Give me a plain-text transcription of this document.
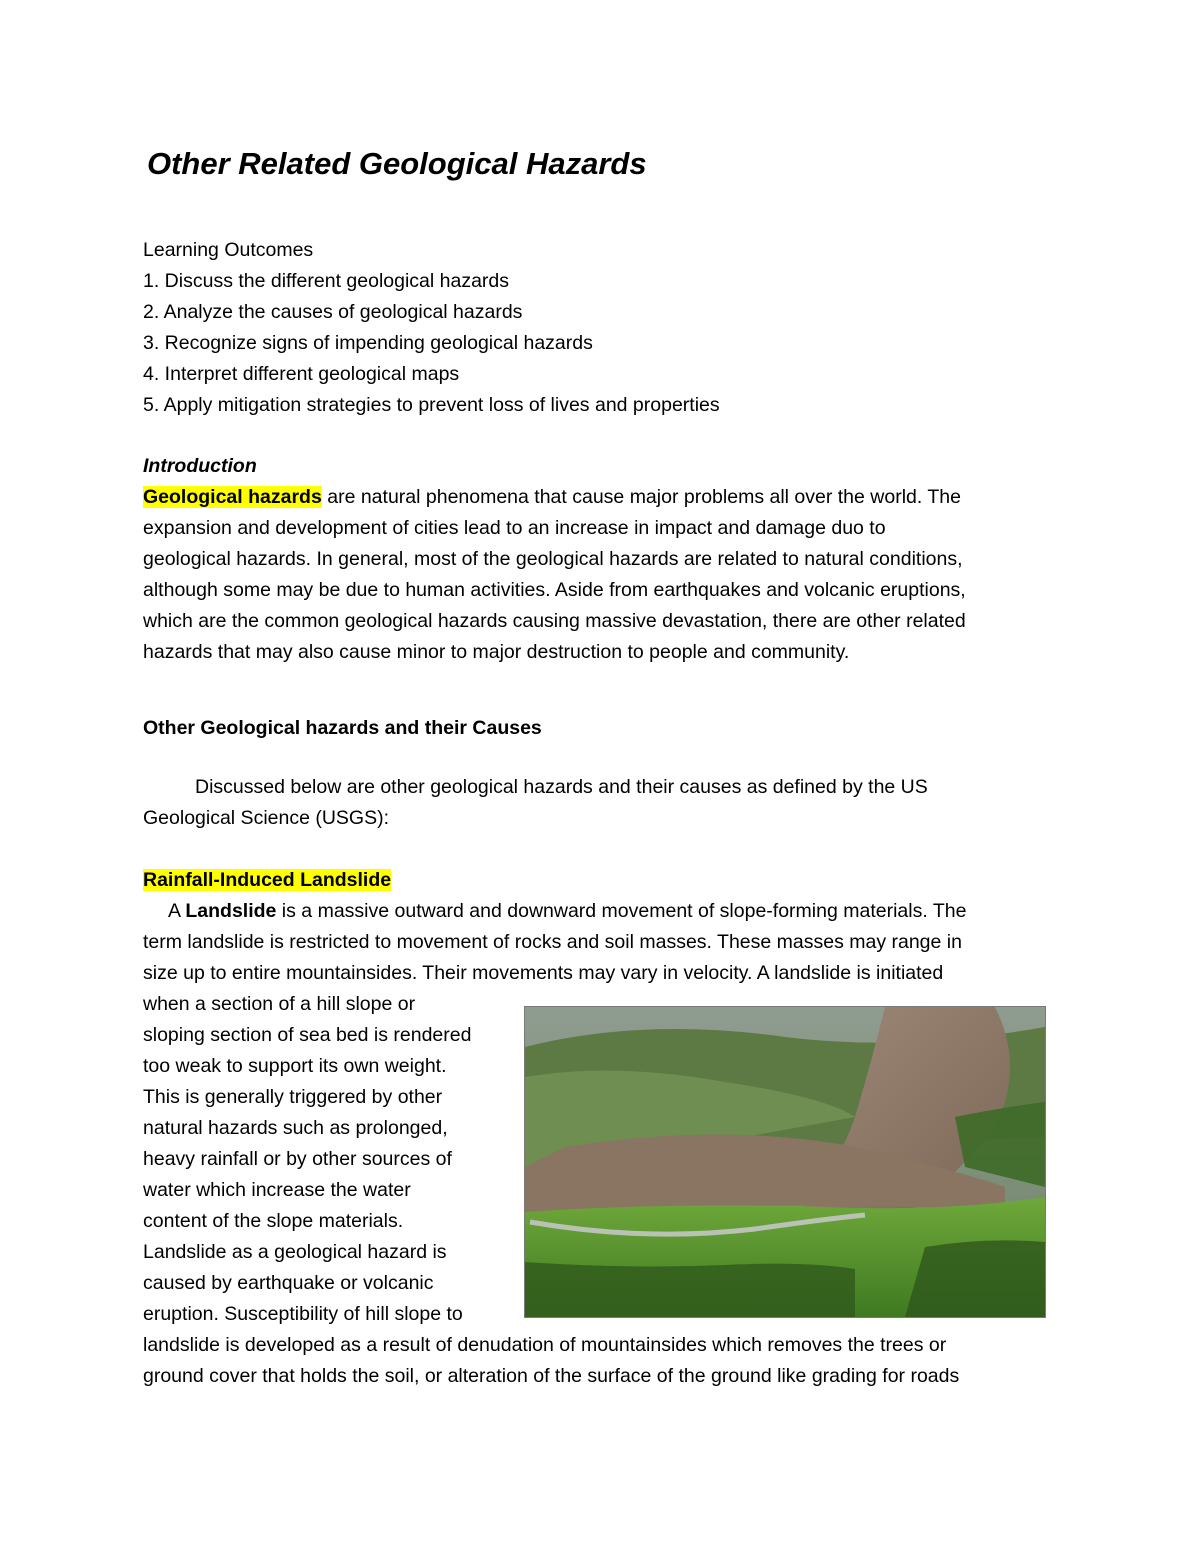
Other Related Geological Hazards
Learning Outcomes
1. Discuss the different geological hazards
2. Analyze the causes of geological hazards
3. Recognize signs of impending geological hazards
4. Interpret different geological maps
5. Apply mitigation strategies to prevent loss of lives and properties
Introduction
Geological hazards are natural phenomena that cause major problems all over the world. The
expansion and development of cities lead to an increase in impact and damage duo to
geological hazards. In general, most of the geological hazards are related to natural conditions,
although some may be due to human activities. Aside from earthquakes and volcanic eruptions,
which are the common geological hazards causing massive devastation, there are other related
hazards that may also cause minor to major destruction to people and community.
Other Geological hazards and their Causes
Discussed below are other geological hazards and their causes as defined by the US
Geological Science (USGS):
Rainfall-Induced Landslide
A Landslide is a massive outward and downward movement of slope-forming materials. The
term landslide is restricted to movement of rocks and soil masses. These masses may range in
size up to entire mountainsides. Their movements may vary in velocity. A landslide is initiated
when a section of a hill slope or
sloping section of sea bed is rendered
too weak to support its own weight.
This is generally triggered by other
natural hazards such as prolonged,
heavy rainfall or by other sources of
water which increase the water
content of the slope materials.
Landslide as a geological hazard is
caused by earthquake or volcanic
eruption. Susceptibility of hill slope to
landslide is developed as a result of denudation of mountainsides which removes the trees or
ground cover that holds the soil, or alteration of the surface of the ground like grading for roads
